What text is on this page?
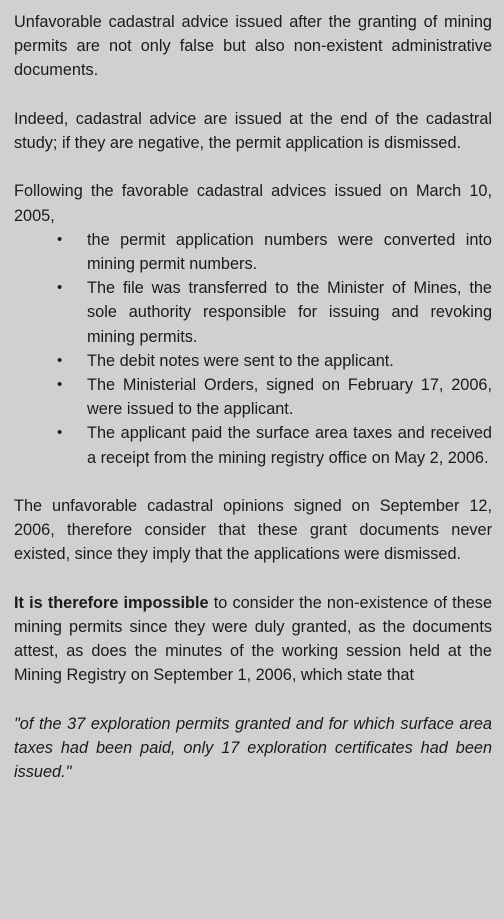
Unfavorable cadastral advice issued after the granting of mining permits are not only false but also non-existent administrative documents.

Indeed, cadastral advice are issued at the end of the cadastral study; if they are negative, the permit application is dismissed.

Following the favorable cadastral advices issued on March 10, 2005,

• the permit application numbers were converted into mining permit numbers.
• The file was transferred to the Minister of Mines, the sole authority responsible for issuing and revoking mining permits.
• The debit notes were sent to the applicant.
• The Ministerial Orders, signed on February 17, 2006, were issued to the applicant.
• The applicant paid the surface area taxes and received a receipt from the mining registry office on May 2, 2006.

The unfavorable cadastral opinions signed on September 12, 2006, therefore consider that these grant documents never existed, since they imply that the applications were dismissed.

It is therefore impossible to consider the non-existence of these mining permits since they were duly granted, as the documents attest, as does the minutes of the working session held at the Mining Registry on September 1, 2006, which state that

"of the 37 exploration permits granted and for which surface area taxes had been paid, only 17 exploration certificates had been issued."
